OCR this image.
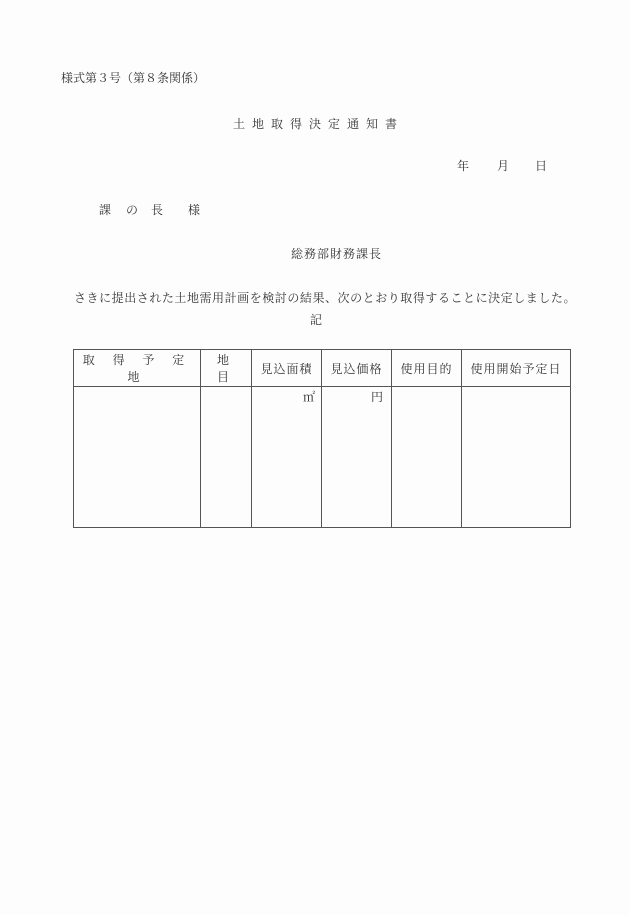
様式第３号（第８条関係）
土地取得決定通知書
年 月 日
課 の 長 様
総務部財務課長
さきに提出された土地需用計画を検討の結果、次のとおり取得することに決定しました。
記
取 得 予 定 地	地　目	見込面積	見込価格	使用目的	使用開始予定日
		㎡	円		
